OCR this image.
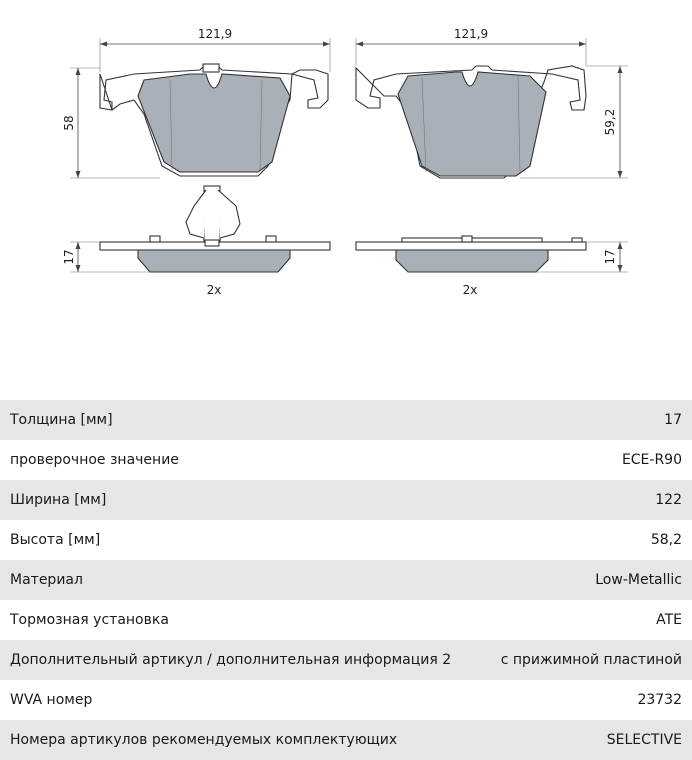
121,9	121,9
58	59,2
17	17
2x	2x
Толщина [мм]	17
проверочное значение	ECE-R90
Ширина [мм]	122
Высота [мм]	58,2
Материал	Low-Metallic
Тормозная установка	ATE
Дополнительный артикул / дополнительная информация 2	с прижимной пластиной
WVA номер	23732
Номера артикулов рекомендуемых комплектующих	SELECTIVE
